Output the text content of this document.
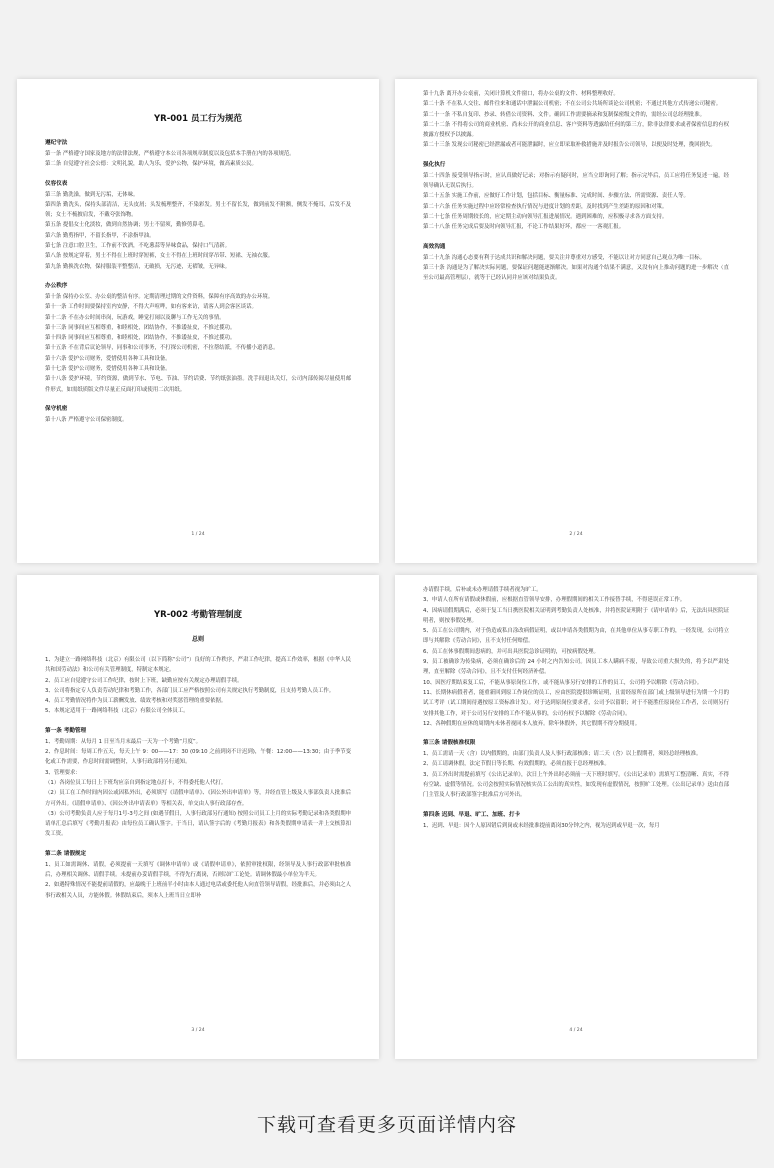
YR-001 员工行为规范
遵纪守法
第一条 严格遵守国家及地方的法律法规，严格遵守本公司各项规章制度以及包括本手册在内的各项规范。
第二条 自觉遵守社会公德：文明礼貌，助人为乐，爱护公物，保护环境，做高素质公民。
仪容仪表
第三条 勤洗澡，做到无污垢，无体味。
第四条 勤洗头，保持头部清洁，无头皮屑；头发梳理整齐，不染彩发。男士不留长发，做到前发不附额，侧发不掩耳，后发不及领；女士不梳披肩发，不戴夸张饰物。
第五条 提倡女士化淡妆，做到自然协调；男士不留须，勤修剪鼻毛。
第六条 勤剪指甲，不留长指甲，不涂指甲油。
第七条 注意口腔卫生，工作前不饮酒，不吃葱蒜等异味食品，保持口气清新。
第八条 按规定穿着，男士不得在上班时穿短裤，女士不得在上班时间穿吊带、短裙、无袖衣服。
第九条 勤换洗衣物，保持服装平整整洁，无破损，无污迹，无褶皱，无异味。
办公秩序
第十条 保持办公室、办公桌的整洁有序。定期清理过期的文件资料，保障有序高效的办公环境。
第十一条 工作时间要保持室内安静，不得大声喧哗，如有客来访，请客人到会客区谈话。
第十二条 不在办公时间串岗，玩游戏，睡觉打闹以及聊与工作无关的事情。
第十三条 同事间应互相尊重，和睦相处，团结协作，不推诿扯皮，不推过揽功。
第十四条 同事间应互相尊重，和睦相处，团结协作，不推诿扯皮，不推过揽功。
第十五条 不在背后议论领导，同事和公司事务，不打探公司机密，不拉帮结派，不传播小道消息。
第十六条 爱护公司财务，爱惜使用各种工具和设备。
第十七条 爱护公司财务，爱惜使用各种工具和设备。
第十八条 爱护环境，节约资源，做到节水、节电、节油、节约话费、节约纸张油墨。洗手间退出关灯，公司内部传阅尽量使用邮件形式，如需纸质版文件尽量正反面打印或使用二次用纸。
保守机密
第十八条 严格遵守公司保密制度。
1 / 24
第十九条 离开办公桌前，关闭计算机文件窗口，将办公桌的文件、材料整理收好。
第二十条 不在私人交往、邮件往来和通话中泄漏公司机密；不在公司公共场所谈论公司机密；不通过其他方式传递公司秘密。
第二十一条 不私自复印、抄录、转借公司资料、文件。确因工作需要摘录和复制保密级文件的，需经公司总经理批准。
第二十二条 不得将公司的商业机密、尚未公开的商业信息、客户资料等透露给任何的第三方，除非法律要求或者保密信息的有权披露方授权予以披露。
第二十三条 发现公司秘密已经泄漏或者可能泄漏时，应立即采取补救措施并及时报告公司领导，以便及时处理，挽回损失。
强化执行
第二十四条 接受领导指示时，应认真做好记录；对指示有疑问时，应当立即询问了解；指示完毕后，员工应将任务复述一遍，经领导确认无误后执行。
第二十五条 实施工作前，应做好工作计划，包括目标、衡量标准、完成时间、步骤方法、所需资源、责任人等。
第二十六条 任务实施过程中应经常检查执行情况与进度计划的差距，及时找到产生差距的原因和对策。
第二十七条 任务周期较长的，应定期主动向领导汇报进展情况。遇到困难的，应积极寻求各方面支持。
第二十八条 任务完成后要及时向领导汇报，不论工作结果好坏，都应一一客观汇报。
高效沟通
第二十九条 沟通心态要有利于达成共识和解决问题，要关注并尊重对方感受，不能以让对方同意自己观点为唯一目标。
第三十条 沟通是为了解决实际问题，要保证问题能逐渐解决。如果对沟通个结果不满意，又没有向上推动问题的进一步解决（直至公司最高管理层），就等于已经认同并应该对结果负责。
2 / 24
YR-002 考勤管理制度
总则
1、为建立一路网络科技（北京）有限公司（以下简称“公司”）良好的工作秩序，严肃工作纪律，提高工作效率，根据《中华人民共和国劳动法》和公司有关管理制度，特制定本规定。
2、员工应自觉遵守公司工作纪律，按时上下班，缺勤应按有关规定办理请假手续。
3、公司将指定专人负责劳动纪律和考勤工作，各部门员工应严格按照公司有关规定执行考勤制度，且支持考勤人员工作。
4、员工考勤情况将作为员工薪酬发放、绩效考核和对奖惩管理的重要依据。
5、本规定适用于一路网络科技（北京）有限公司全体员工。
第一条 考勤管理
1、考勤周期：从每月 1 日至当月末最后一天为一个考勤“月度”。
2、作息时间：每周工作五天，每天上午 9：00——17：30 (09:10 之前到岗不计迟到)，午餐：12:00——13:30；由于季节变化或工作需要，作息时间需调整时，人事行政部将另行通知。
3、管理要求：
（1）各岗位员工每日上下班均应亲自到指定地点打卡，不得委托他人代打。
（2）员工在工作时间内因公或因私外出，必须填写《请假申请单》、《因公外出申请单》等，并经直管上级及人事部负责人批准后方可外出。《请假申请单》、《因公外出申请表单》等相关表，单交由人事行政部存查。
（3）公司考勤负责人应于每月1号-3号之间 (如遇节假日，人事行政部另行通知) 按照公司员工上月的实际考勤记录和各类假期申请单汇总后填写《考勤月报表》由每位员工确认签字。于当日，请认签字后的《考勤月报表》和各类假期申请表一并上交核算扣发工资。
第二条 请假规定
1、员工如需调休、请假，必须提前一天填写《调休申请单》或《请假申请单》，依照审批权限，经领导及人事行政部审批核准后，办理相关调休、请假手续。未提前办妥请假手续，不得先行离岗，否则以旷工论处。请调休假最小单位为半天。
2、如遇特殊情况不能提前请假的，应最晚于上班前半小时由本人通过电话或委托他人向直管领导请假，经批准后，并必须由之人事行政相关人员，方能休假。休假结束后，须本人上班当日立即补
3 / 24
办请假手续，后补或未办理请假手续者视为旷工。
3、申请人在所有请假或休假前，应根据直管领导安排，办理假期间的相关工作接替手续，不得延误正常工作。
4、因病请假期满后，必须于复工当日携医院相关证明到考勤负责人处核准，并将医院证明附于《请申请单》后，无法出具医院证明者，则按事假处理。
5、员工在公司期内，对于伪造或私自涂改病假证明，或以申请各类假期为由，在其他单位从事专职工作的，一经发现，公司将立即与其解除《劳动合同》，且不支付任何赔偿。
6、员工在休事假期间患病的，并可出具医院急诊证明的，可按病假处理。
9、员工被确诊为传染病，必须在确诊后的 24 小时之内告知公司。因员工本人瞒病不报，导致公司重大损失的，将予以严肃处理，直至解除《劳动合同》，且不支付任何经济补偿。
10、因医疗期结束复工后，不能从事原岗位工作，或不能从事另行安排的工作的员工，公司将予以解除《劳动合同》。
11、长期休病假者者，能重新回到原工作岗位的员工，应由医院提供诊断证明，且需经原所在部门或上级领导进行为期一个月的试工考评（试工期间待遇按原工资标准计发）。对于达到原岗位要求者，公司予以留职；对于不能胜任原岗位工作者，公司则另行安排其他工作，对于公司另行安排的工作不能从事的，公司有权予以解除《劳动合同》。
12、各种假期在应休的周期内未休者视同本人放弃。除年休假外，其它假期不得分期使用。
第三条 请假核准权限
1、员工需请一天（含）以内假期的，由部门负责人及人事行政部核准；请二天（含）以上假期者，须经总经理核准。
2、员工请调休假，法定节假日等长期、有效假期的，必须直报于总经理核准。
3、员工外出时需提前填写《公出记录单》，次日上午外出时必须前一天下班时填写。《公出记录单》需填写工整清晰、真实，不得有空缺、虚假等情况。公司会按照实际情况核实员工公出的真实性，如发现有虚假情况，按照旷工处理。《公出记录单》送由直部门主管及人事行政部签字批准后方可外出。
第四条 迟到、早退、旷工、加班、打卡
1、迟到、早退：因个人原因错后到岗或未经批准提前离岗30分钟之内，视为迟到或早退一次，每月
4 / 24
下载可查看更多页面详情内容
